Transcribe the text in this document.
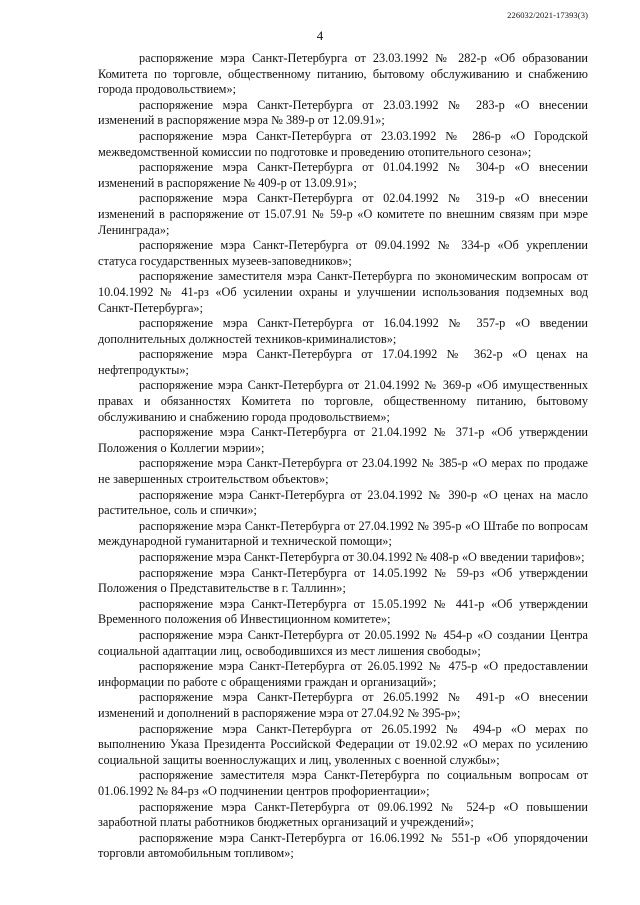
226032/2021-17393(3)
4

распоряжение мэра Санкт-Петербурга от 23.03.1992 № 282-р «Об образовании Комитета по торговле, общественному питанию, бытовому обслуживанию и снабжению города продовольствием»;

распоряжение мэра Санкт-Петербурга от 23.03.1992 № 283-р «О внесении изменений в распоряжение мэра № 389-р от 12.09.91»;

распоряжение мэра Санкт-Петербурга от 23.03.1992 № 286-р «О Городской межведомственной комиссии по подготовке и проведению отопительного сезона»;

распоряжение мэра Санкт-Петербурга от 01.04.1992 № 304-р «О внесении изменений в распоряжение № 409-р от 13.09.91»;

распоряжение мэра Санкт-Петербурга от 02.04.1992 № 319-р «О внесении изменений в распоряжение от 15.07.91 № 59-р «О комитете по внешним связям при мэре Ленинграда»;

распоряжение мэра Санкт-Петербурга от 09.04.1992 № 334-р «Об укреплении статуса государственных музеев-заповедников»;

распоряжение заместителя мэра Санкт-Петербурга по экономическим вопросам от 10.04.1992 № 41-рз «Об усилении охраны и улучшении использования подземных вод Санкт-Петербурга»;

распоряжение мэра Санкт-Петербурга от 16.04.1992 № 357-р «О введении дополнительных должностей техников-криминалистов»;

распоряжение мэра Санкт-Петербурга от 17.04.1992 № 362-р «О ценах на нефтепродукты»;

распоряжение мэра Санкт-Петербурга от 21.04.1992 № 369-р «Об имущественных правах и обязанностях Комитета по торговле, общественному питанию, бытовому обслуживанию и снабжению города продовольствием»;

распоряжение мэра Санкт-Петербурга от 21.04.1992 № 371-р «Об утверждении Положения о Коллегии мэрии»;

распоряжение мэра Санкт-Петербурга от 23.04.1992 № 385-р «О мерах по продаже не завершенных строительством объектов»;

распоряжение мэра Санкт-Петербурга от 23.04.1992 № 390-р «О ценах на масло растительное, соль и спички»;

распоряжение мэра Санкт-Петербурга от 27.04.1992 № 395-р «О Штабе по вопросам международной гуманитарной и технической помощи»;

распоряжение мэра Санкт-Петербурга от 30.04.1992 № 408-р «О введении тарифов»;

распоряжение мэра Санкт-Петербурга от 14.05.1992 № 59-рз «Об утверждении Положения о Представительстве в г. Таллинн»;

распоряжение мэра Санкт-Петербурга от 15.05.1992 № 441-р «Об утверждении Временного положения об Инвестиционном комитете»;

распоряжение мэра Санкт-Петербурга от 20.05.1992 № 454-р «О создании Центра социальной адаптации лиц, освободившихся из мест лишения свободы»;

распоряжение мэра Санкт-Петербурга от 26.05.1992 № 475-р «О предоставлении информации по работе с обращениями граждан и организаций»;

распоряжение мэра Санкт-Петербурга от 26.05.1992 № 491-р «О внесении изменений и дополнений в распоряжение мэра от 27.04.92 № 395-р»;

распоряжение мэра Санкт-Петербурга от 26.05.1992 № 494-р «О мерах по выполнению Указа Президента Российской Федерации от 19.02.92 «О мерах по усилению социальной защиты военнослужащих и лиц, уволенных с военной службы»;

распоряжение заместителя мэра Санкт-Петербурга по социальным вопросам от 01.06.1992 № 84-рз «О подчинении центров профориентации»;

распоряжение мэра Санкт-Петербурга от 09.06.1992 № 524-р «О повышении заработной платы работников бюджетных организаций и учреждений»;

распоряжение мэра Санкт-Петербурга от 16.06.1992 № 551-р «Об упорядочении торговли автомобильным топливом»;
